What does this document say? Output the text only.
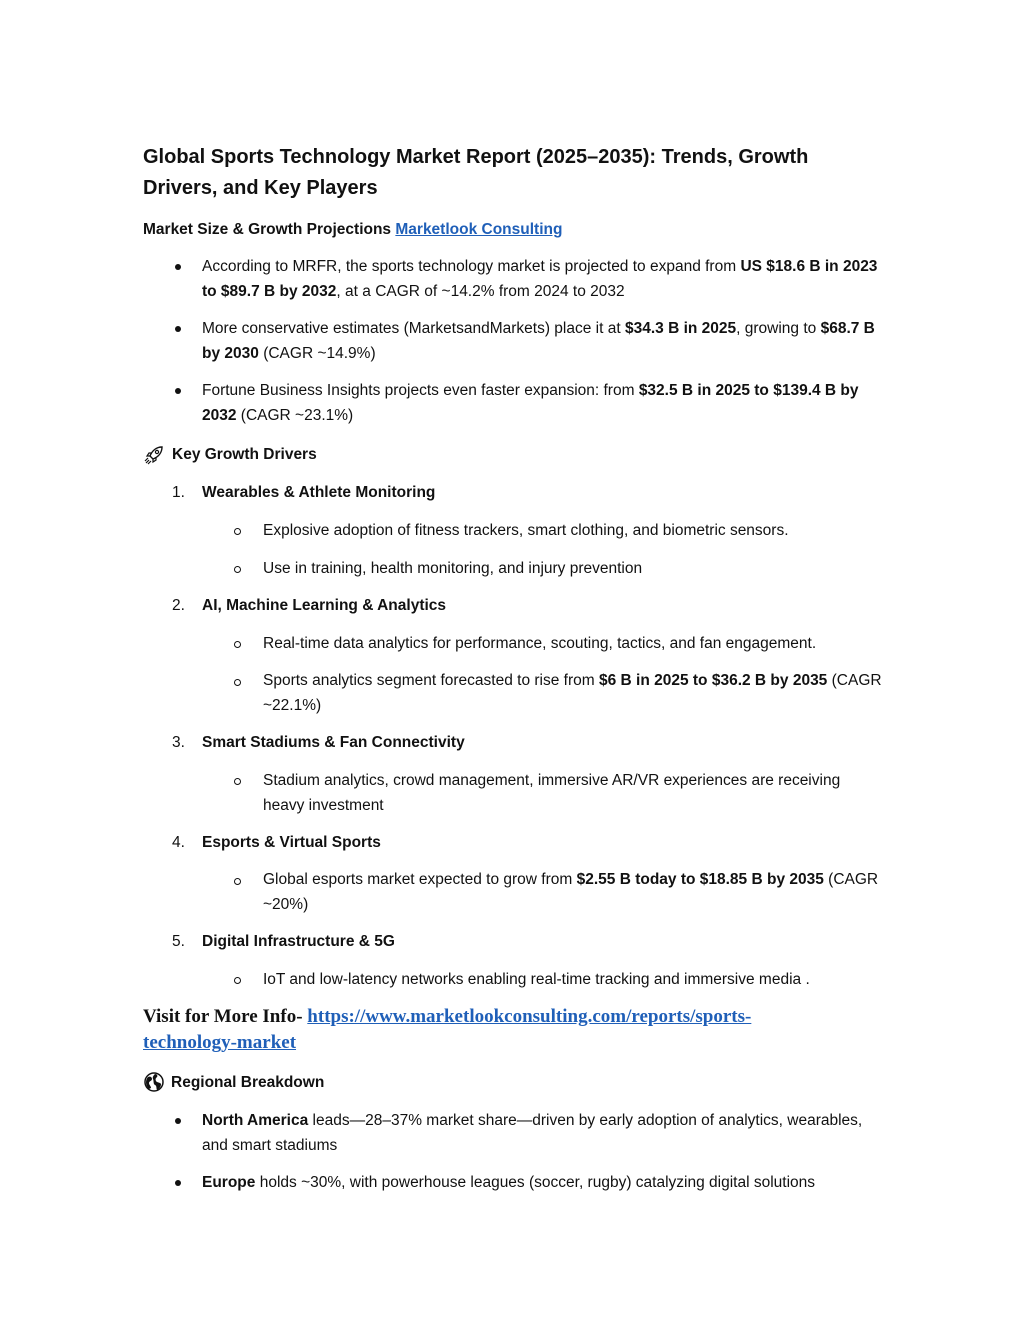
Global Sports Technology Market Report (2025–2035): Trends, Growth Drivers, and Key Players
Market Size & Growth Projections Marketlook Consulting
According to MRFR, the sports technology market is projected to expand from US $18.6 B in 2023 to $89.7 B by 2032, at a CAGR of ~14.2% from 2024 to 2032
More conservative estimates (MarketsandMarkets) place it at $34.3 B in 2025, growing to $68.7 B by 2030 (CAGR ~14.9%)
Fortune Business Insights projects even faster expansion: from $32.5 B in 2025 to $139.4 B by 2032 (CAGR ~23.1%)
Key Growth Drivers
1. Wearables & Athlete Monitoring
Explosive adoption of fitness trackers, smart clothing, and biometric sensors.
Use in training, health monitoring, and injury prevention
2. AI, Machine Learning & Analytics
Real-time data analytics for performance, scouting, tactics, and fan engagement.
Sports analytics segment forecasted to rise from $6 B in 2025 to $36.2 B by 2035 (CAGR ~22.1%)
3. Smart Stadiums & Fan Connectivity
Stadium analytics, crowd management, immersive AR/VR experiences are receiving heavy investment
4. Esports & Virtual Sports
Global esports market expected to grow from $2.55 B today to $18.85 B by 2035 (CAGR ~20%)
5. Digital Infrastructure & 5G
IoT and low-latency networks enabling real-time tracking and immersive media .
Visit for More Info- https://www.marketlookconsulting.com/reports/sports-technology-market
Regional Breakdown
North America leads—28–37% market share—driven by early adoption of analytics, wearables, and smart stadiums
Europe holds ~30%, with powerhouse leagues (soccer, rugby) catalyzing digital solutions
